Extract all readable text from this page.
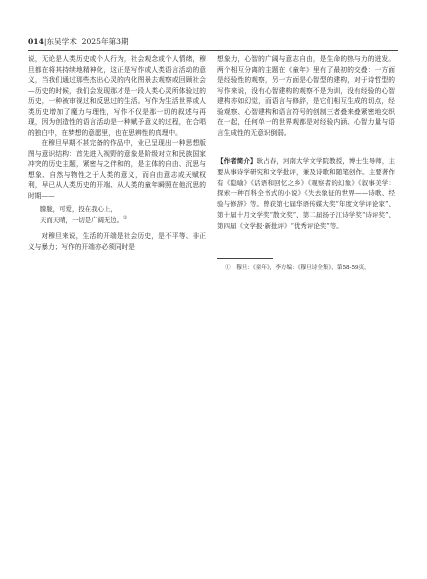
014|东吴学术 2025年第3期

说，无论是人类历史或个人行为，社会观念或个人情绪，穆旦都在将其持续地精神化，这正是写作或人类语言活动的意义，当我们通过那些杰出心灵的内化图景去观察或回顾社会—历史的时候，我们会发现那才是一段人类心灵所体验过的历史，一种被审视过和反思过的生活。写作为生活世界或人类历史增加了魔力与理性，写作不仅是那一切的叙述与再现，因为创造性的语言活动是一种赋予意义的过程，在合唱的独白中，在梦想的意愿里，也在思辨性的真理中。

在穆旦早期不甚完备的作品中，业已呈现出一种思想版图与意识结构：首先进入视野的意象是阶级对立和民族国家冲突的历史主题，紧密与之伴和的，是主体的自由、沉思与想象、自然与物性之于人类的意义，而自由意志或天赋权利，早已从人类历史的开端、从人类的童年瞬照在他沉思的时期——

朦胧，可爱，投在我心上，
天而天晴，一切是广阔无边。①

对穆旦来说，生活的开端是社会历史，是不平等、非正义与暴力；写作的开端亦必须同时是

想象力，心智的广阔与意志自由，是生命的热与力的迸发。两个相互分离的主题在《童年》里有了最初的交叠：一方面是经验性的观察，另一方面是心智型的建构，对于诗哲型的写作来说，没有心智建构的观察不是为训，没有经验的心智建构亦如幻觉，而语言与修辞，是它们相互生成的切点，经验观察、心智建构和语言符号的创制三者叠来叠紧密地交织在一起，任何单一的世界观都是对经验内涵、心智力量与语言生成性的无意识倒弱。

【作者简介】耿占春，河南大学文学院教授，博士生导师，主要从事诗学研究和文学批评，兼及诗歌和随笔创作。主要著作有《隐喻》《话语和回忆之乡》《观察者的幻象》《叙事美学：探索一种百科全书式的小说》《失去象征的世界——诗歌、经验与修辞》等。曾获第七届华语传媒大奖“年度文学评论家”、第十届十月文学奖“散文奖”、第二届扬子江诗学奖“诗评奖”、第四届《文学报·新批评》“优秀评论奖”等。
①　穆旦：《童年》，李方编：《穆旦诗全集》，第58-59页。
